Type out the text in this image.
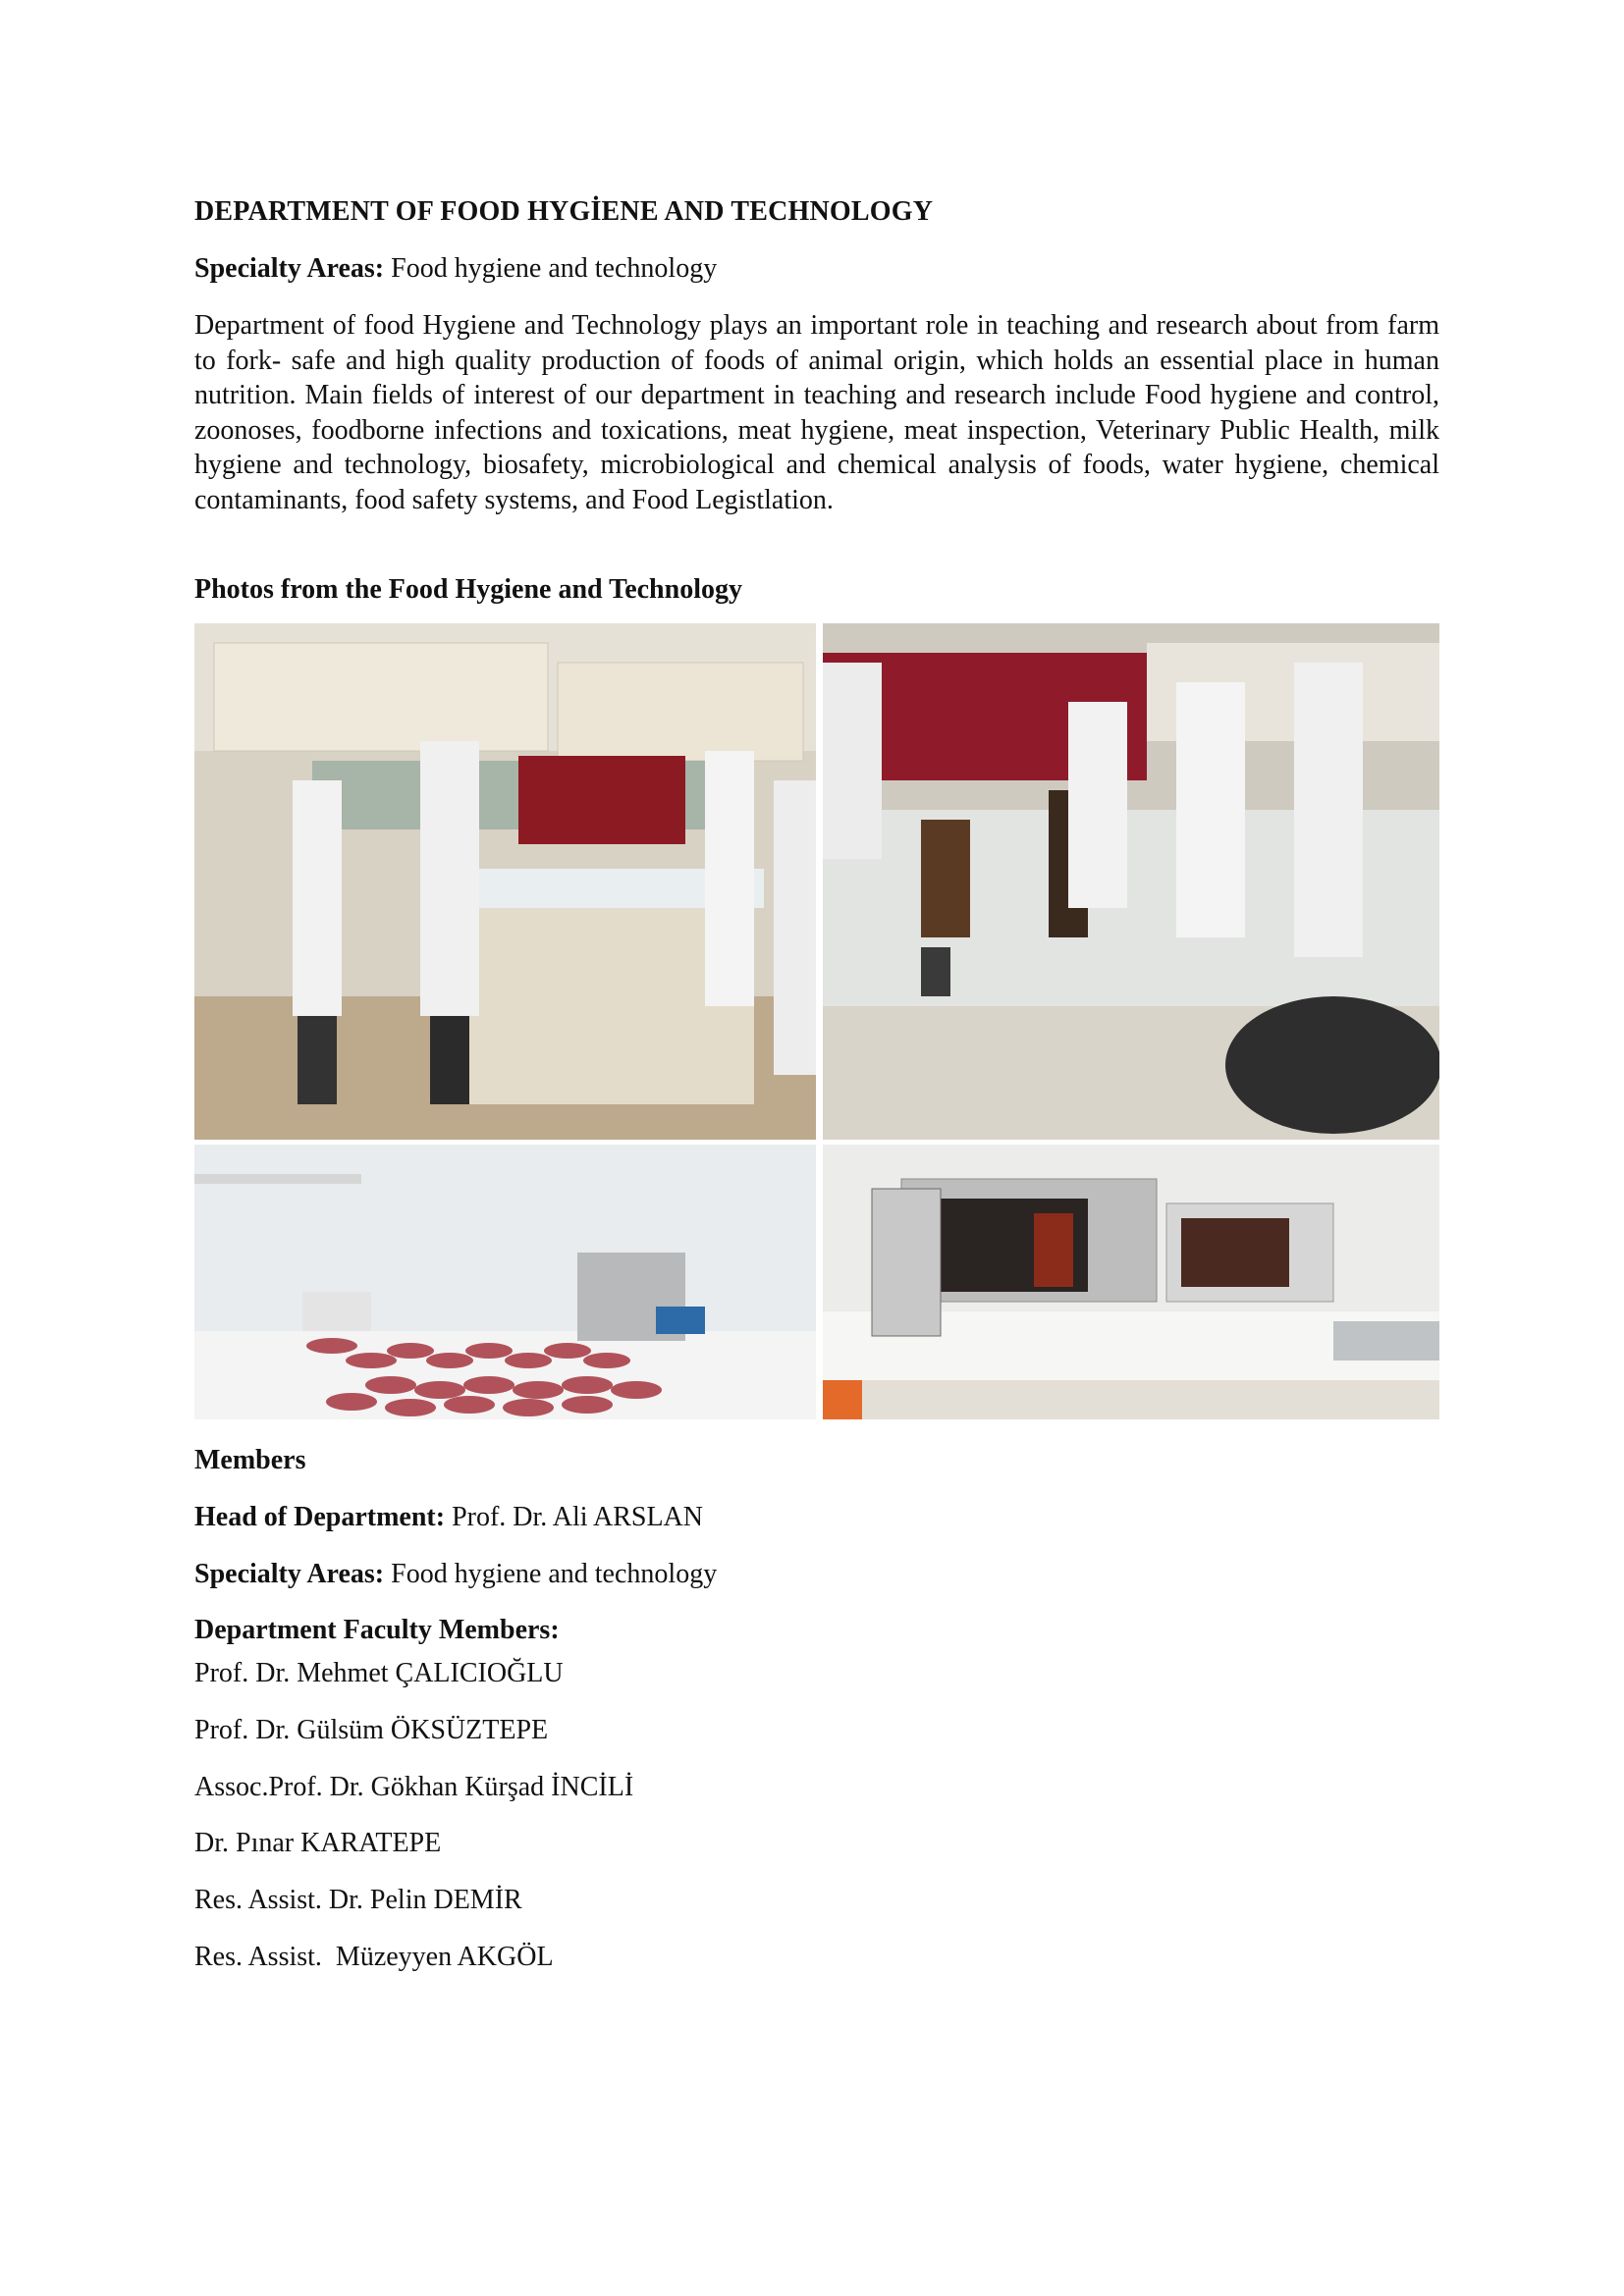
DEPARTMENT OF FOOD HYGİENE AND TECHNOLOGY
Specialty Areas: Food hygiene and technology
Department of food Hygiene and Technology plays an important role in teaching and research about from farm to fork- safe and high quality production of foods of animal origin, which holds an essential place in human nutrition. Main fields of interest of our department in teaching and research include Food hygiene and control, zoonoses, foodborne infections and toxications, meat hygiene, meat inspection, Veterinary Public Health, milk hygiene and technology, biosafety, microbiological and chemical analysis of foods, water hygiene, chemical contaminants, food safety systems, and Food Legistlation.
Photos from the Food Hygiene and Technology
Members
Head of Department: Prof. Dr. Ali ARSLAN
Specialty Areas: Food hygiene and technology
Department Faculty Members:
Prof. Dr. Mehmet ÇALICIOĞLU
Prof. Dr. Gülsüm ÖKSÜZTEPE
Assoc.Prof. Dr. Gökhan Kürşad İNCİLİ
Dr. Pınar KARATEPE
Res. Assist. Dr. Pelin DEMİR
Res. Assist.  Müzeyyen AKGÖL
